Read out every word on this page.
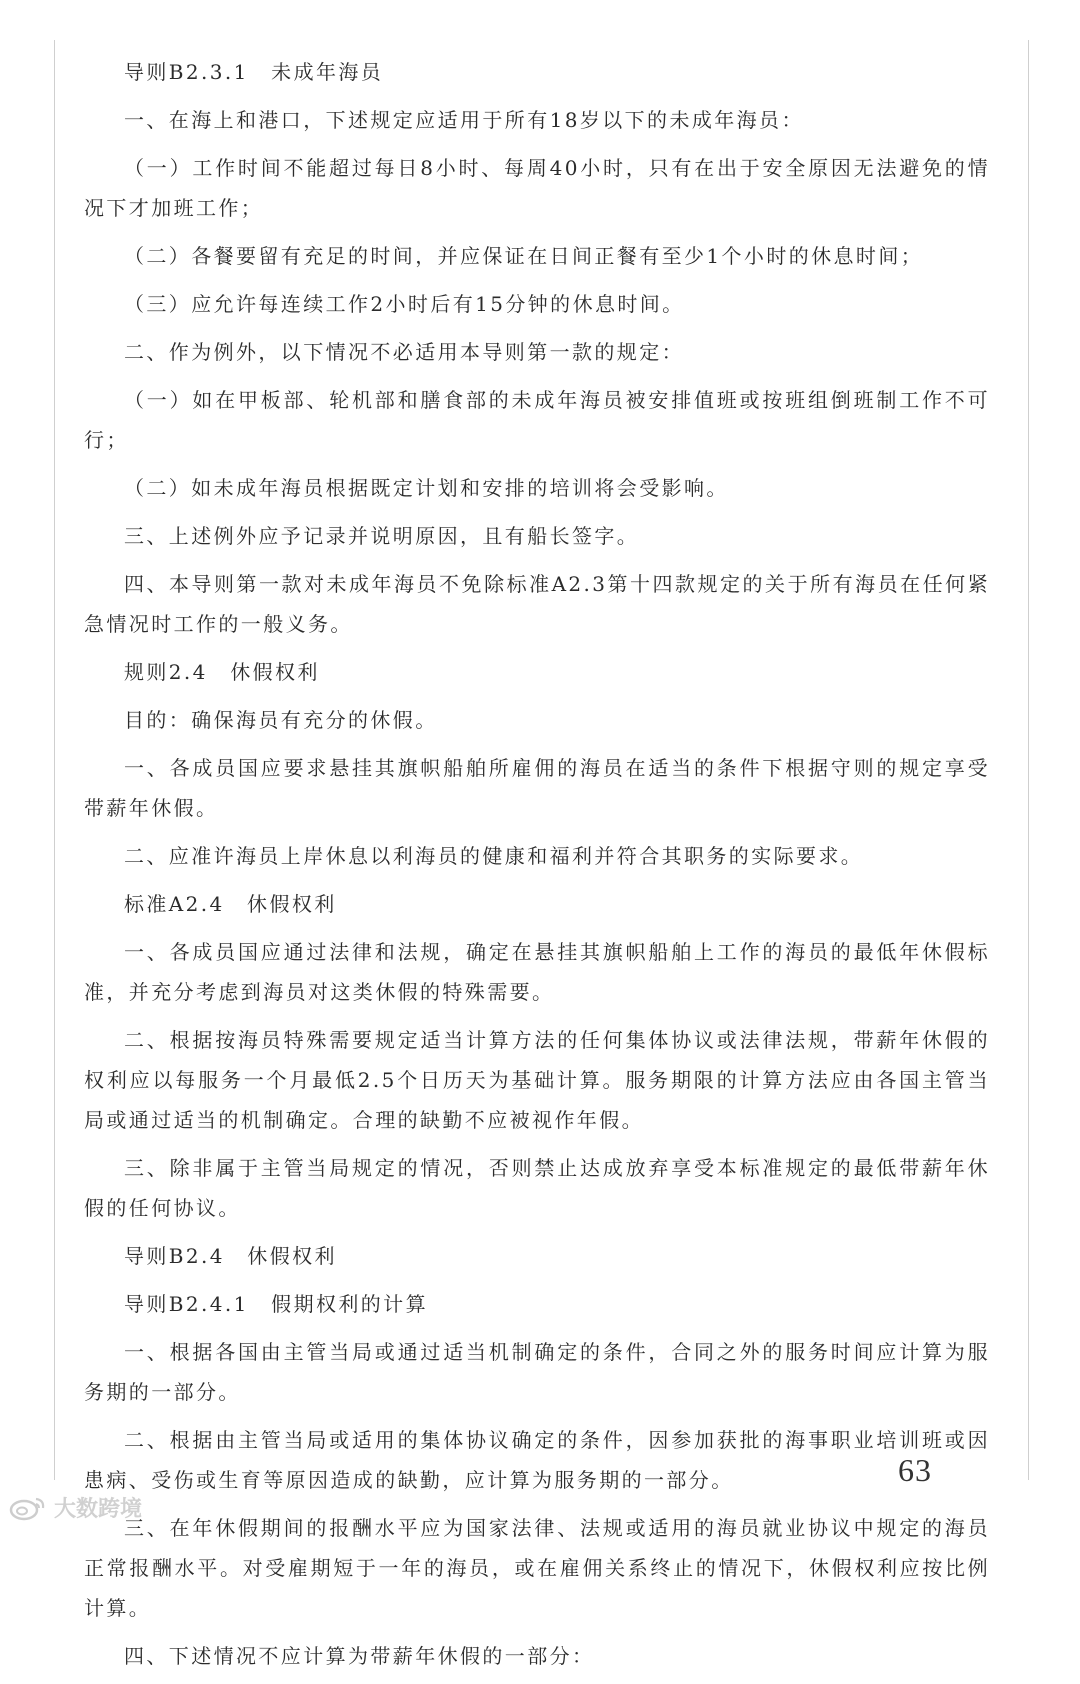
导则B2.3.1　未成年海员

一、在海上和港口，下述规定应适用于所有18岁以下的未成年海员：

（一）工作时间不能超过每日8小时、每周40小时，只有在出于安全原因无法避免的情况下才加班工作；

（二）各餐要留有充足的时间，并应保证在日间正餐有至少1个小时的休息时间；

（三）应允许每连续工作2小时后有15分钟的休息时间。

二、作为例外，以下情况不必适用本导则第一款的规定：

（一）如在甲板部、轮机部和膳食部的未成年海员被安排值班或按班组倒班制工作不可行；

（二）如未成年海员根据既定计划和安排的培训将会受影响。

三、上述例外应予记录并说明原因，且有船长签字。

四、本导则第一款对未成年海员不免除标准A2.3第十四款规定的关于所有海员在任何紧急情况时工作的一般义务。

规则2.4　休假权利

目的：确保海员有充分的休假。

一、各成员国应要求悬挂其旗帜船舶所雇佣的海员在适当的条件下根据守则的规定享受带薪年休假。

二、应准许海员上岸休息以利海员的健康和福利并符合其职务的实际要求。

标准A2.4　休假权利

一、各成员国应通过法律和法规，确定在悬挂其旗帜船舶上工作的海员的最低年休假标准，并充分考虑到海员对这类休假的特殊需要。

二、根据按海员特殊需要规定适当计算方法的任何集体协议或法律法规，带薪年休假的权利应以每服务一个月最低2.5个日历天为基础计算。服务期限的计算方法应由各国主管当局或通过适当的机制确定。合理的缺勤不应被视作年假。

三、除非属于主管当局规定的情况，否则禁止达成放弃享受本标准规定的最低带薪年休假的任何协议。

导则B2.4　休假权利

导则B2.4.1　假期权利的计算

一、根据各国由主管当局或通过适当机制确定的条件，合同之外的服务时间应计算为服务期的一部分。

二、根据由主管当局或适用的集体协议确定的条件，因参加获批的海事职业培训班或因患病、受伤或生育等原因造成的缺勤，应计算为服务期的一部分。

三、在年休假期间的报酬水平应为国家法律、法规或适用的海员就业协议中规定的海员正常报酬水平。对受雇期短于一年的海员，或在雇佣关系终止的情况下，休假权利应按比例计算。

四、下述情况不应计算为带薪年休假的一部分：

63
大数跨境
